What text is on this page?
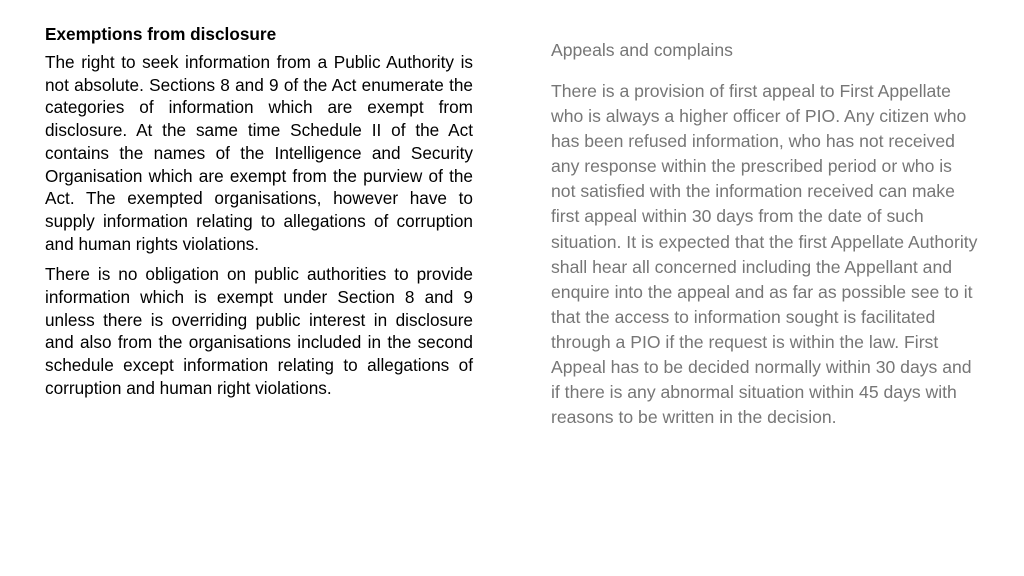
Exemptions from disclosure

The right to seek information from a Public Authority is not absolute. Sections 8 and 9 of the Act enumerate the categories of information which are exempt from disclosure. At the same time Schedule II of the Act contains the names of the Intelligence and Security Organisation which are exempt from the purview of the Act. The exempted organisations, however have to supply information relating to allegations of corruption and human rights violations.

There is no obligation on public authorities to provide information which is exempt under Section 8 and 9 unless there is overriding public interest in disclosure and also from the organisations included in the second schedule except information relating to allegations of corruption and human right violations.

Appeals and complains

There is a provision of first appeal to First Appellate who is always a higher officer of PIO. Any citizen who has been refused information, who has not received any response within the prescribed period or who is not satisfied with the information received can make first appeal within 30 days from the date of such situation. It is expected that the first Appellate Authority shall hear all concerned including the Appellant and enquire into the appeal and as far as possible see to it that the access to information sought is facilitated through a PIO if the request is within the law. First Appeal has to be decided normally within 30 days and if there is any abnormal situation within 45 days with reasons to be written in the decision.
